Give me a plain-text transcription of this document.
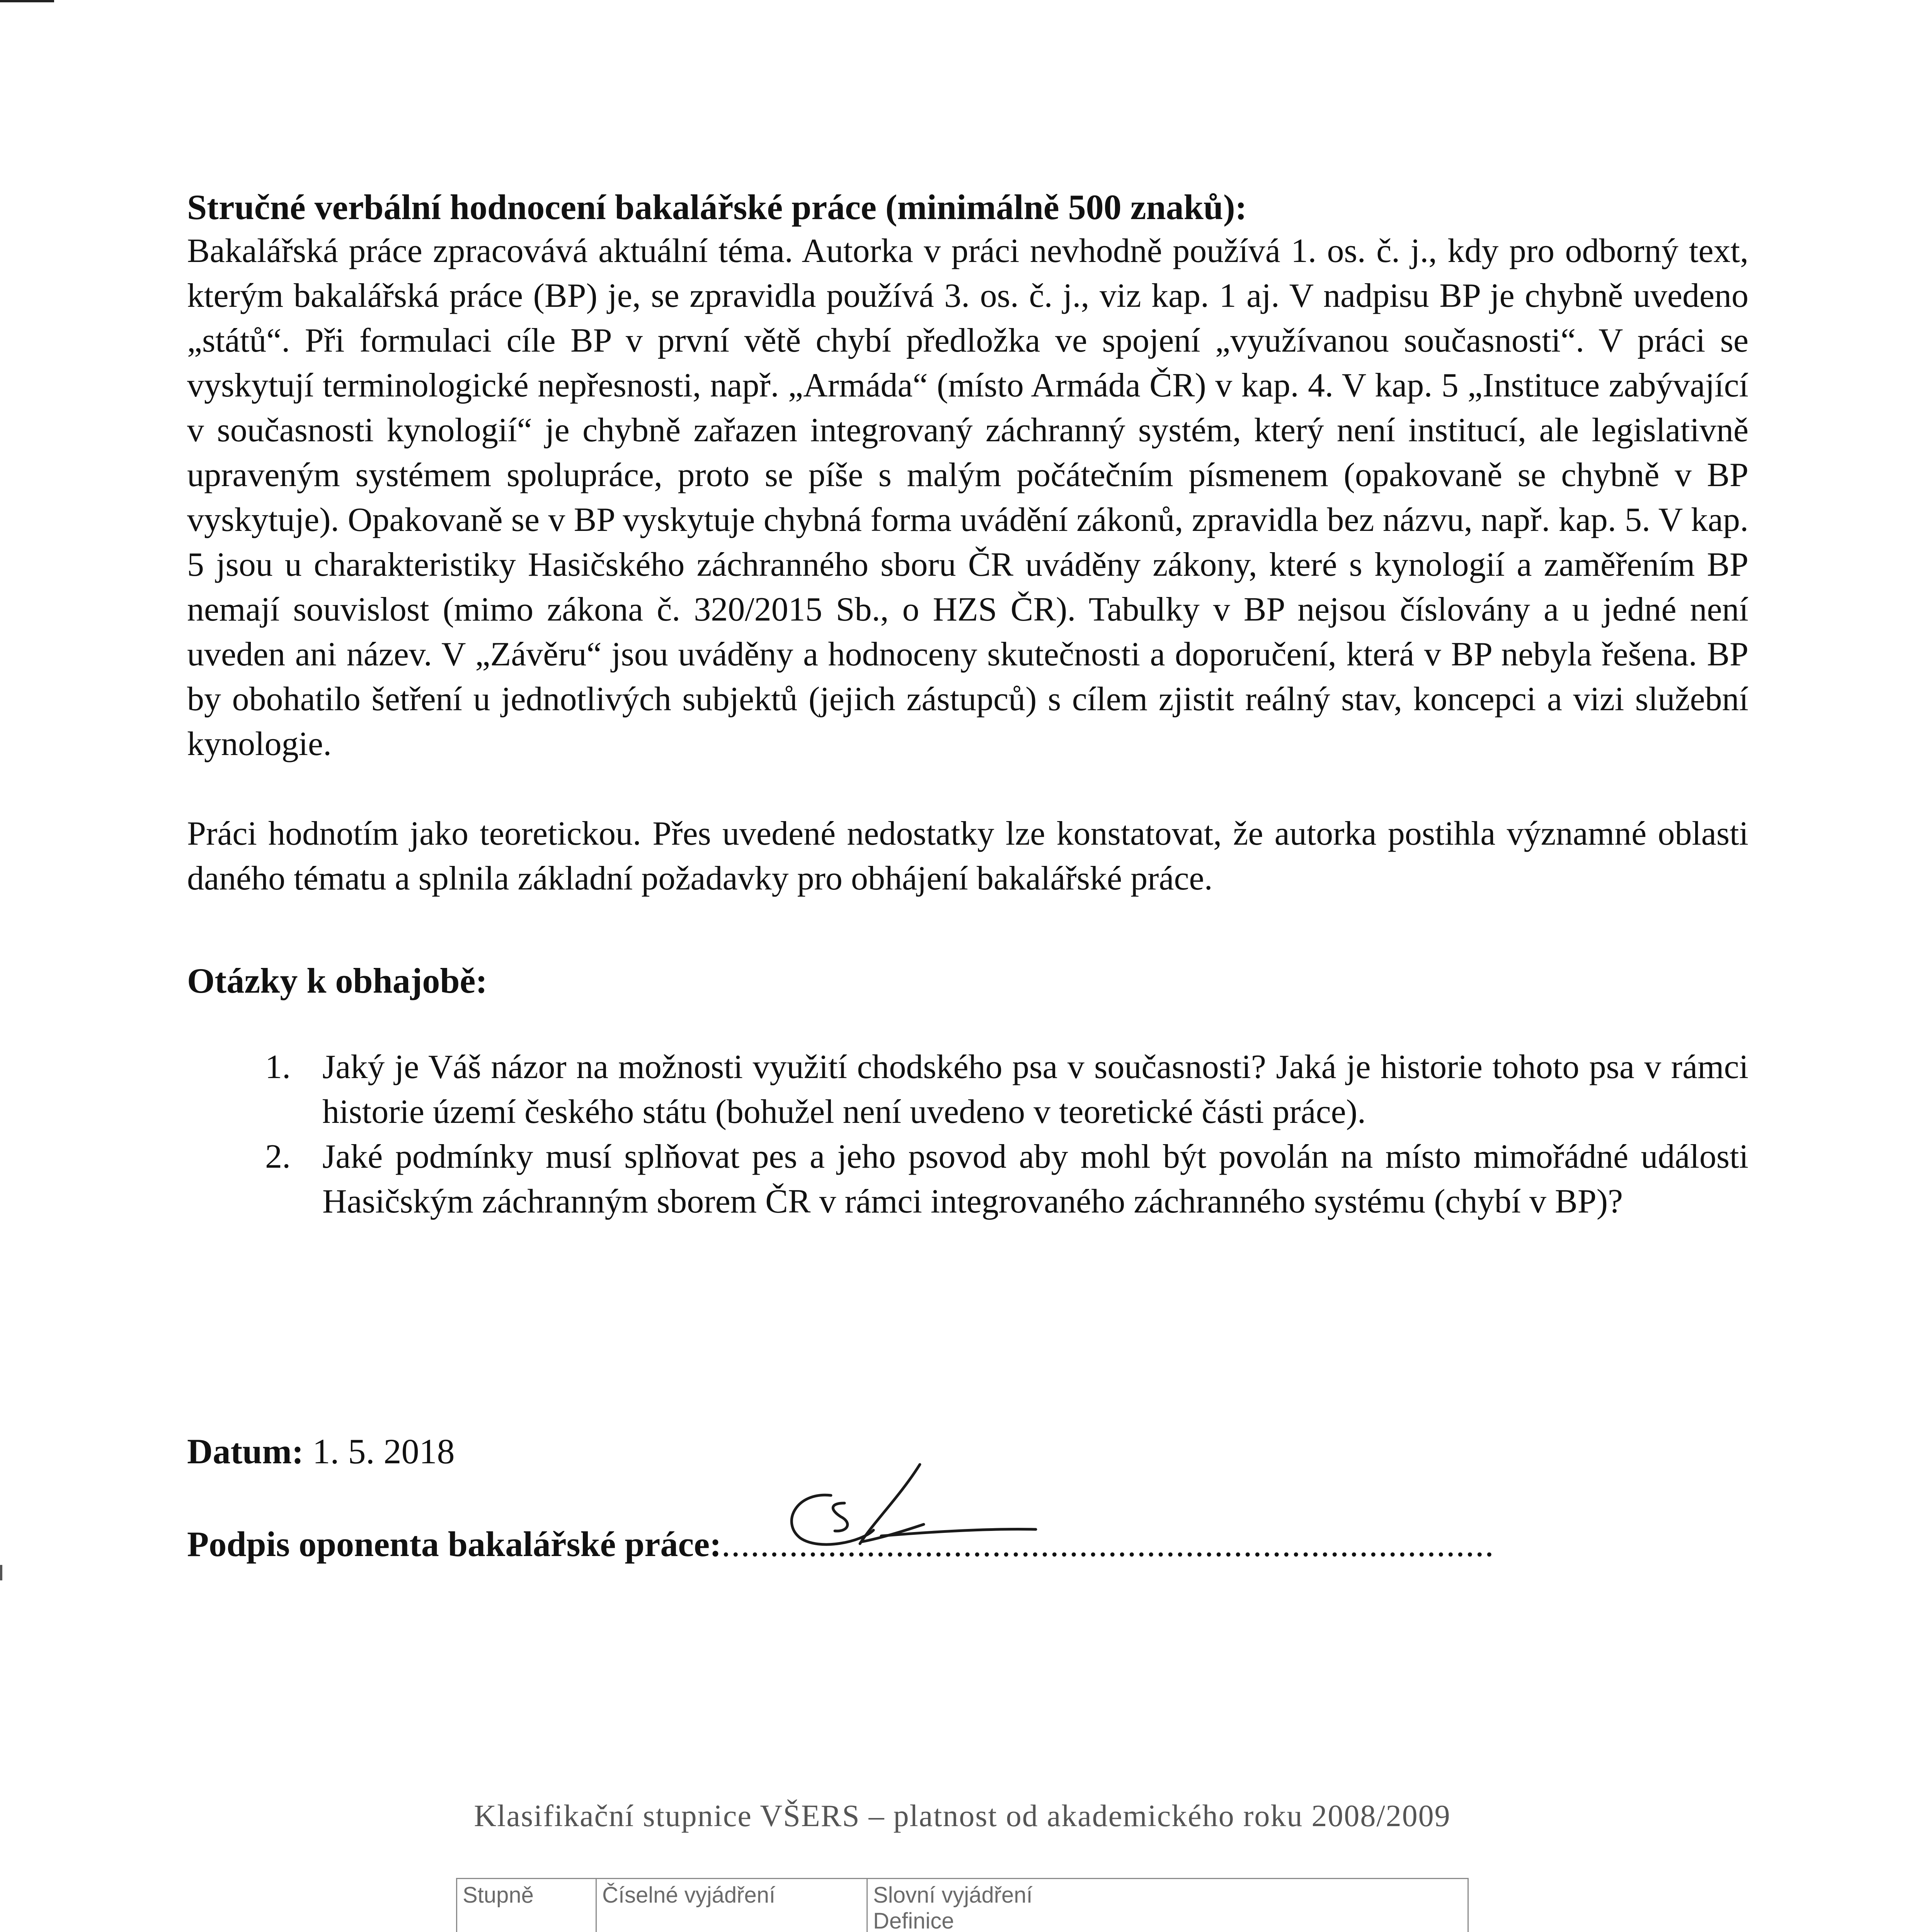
Stručné verbální hodnocení bakalářské práce (minimálně 500 znaků):

Bakalářská práce zpracovává aktuální téma. Autorka v práci nevhodně používá 1. os. č. j., kdy pro odborný text, kterým bakalářská práce (BP) je, se zpravidla používá 3. os. č. j., viz kap. 1 aj. V nadpisu BP je chybně uvedeno „států“. Při formulaci cíle BP v první větě chybí předložka ve spojení „využívanou současnosti“. V práci se vyskytují terminologické nepřesnosti, např. „Armáda“ (místo Armáda ČR) v kap. 4. V kap. 5 „Instituce zabývající v současnosti kynologií“ je chybně zařazen integrovaný záchranný systém, který není institucí, ale legislativně upraveným systémem spolupráce, proto se píše s malým počátečním písmenem (opakovaně se chybně v BP vyskytuje). Opakovaně se v BP vyskytuje chybná forma uvádění zákonů, zpravidla bez názvu, např. kap. 5. V kap. 5 jsou u charakteristiky Hasičského záchranného sboru ČR uváděny zákony, které s kynologií a zaměřením BP nemají souvislost (mimo zákona č. 320/2015 Sb., o HZS ČR). Tabulky v BP nejsou číslovány a u jedné není uveden ani název. V „Závěru“ jsou uváděny a hodnoceny skutečnosti a doporučení, která v BP nebyla řešena. BP by obohatilo šetření u jednotlivých subjektů (jejich zástupců) s cílem zjistit reálný stav, koncepci a vizi služební kynologie.

Práci hodnotím jako teoretickou. Přes uvedené nedostatky lze konstatovat, že autorka postihla významné oblasti daného tématu a splnila základní požadavky pro obhájení bakalářské práce.

Otázky k obhajobě:
1. Jaký je Váš názor na možnosti využití chodského psa v současnosti? Jaká je historie tohoto psa v rámci historie území českého státu (bohužel není uvedeno v teoretické části práce).
2. Jaké podmínky musí splňovat pes a jeho psovod aby mohl být povolán na místo mimořádné události Hasičským záchranným sborem ČR v rámci integrovaného záchranného systému (chybí v BP)?
Datum: 1. 5. 2018
Podpis oponenta bakalářské práce:................................................................................
Klasifikační stupnice VŠERS – platnost od akademického roku 2008/2009
Stupně	Číselné vyjádření	Slovní vyjádření
Definice
